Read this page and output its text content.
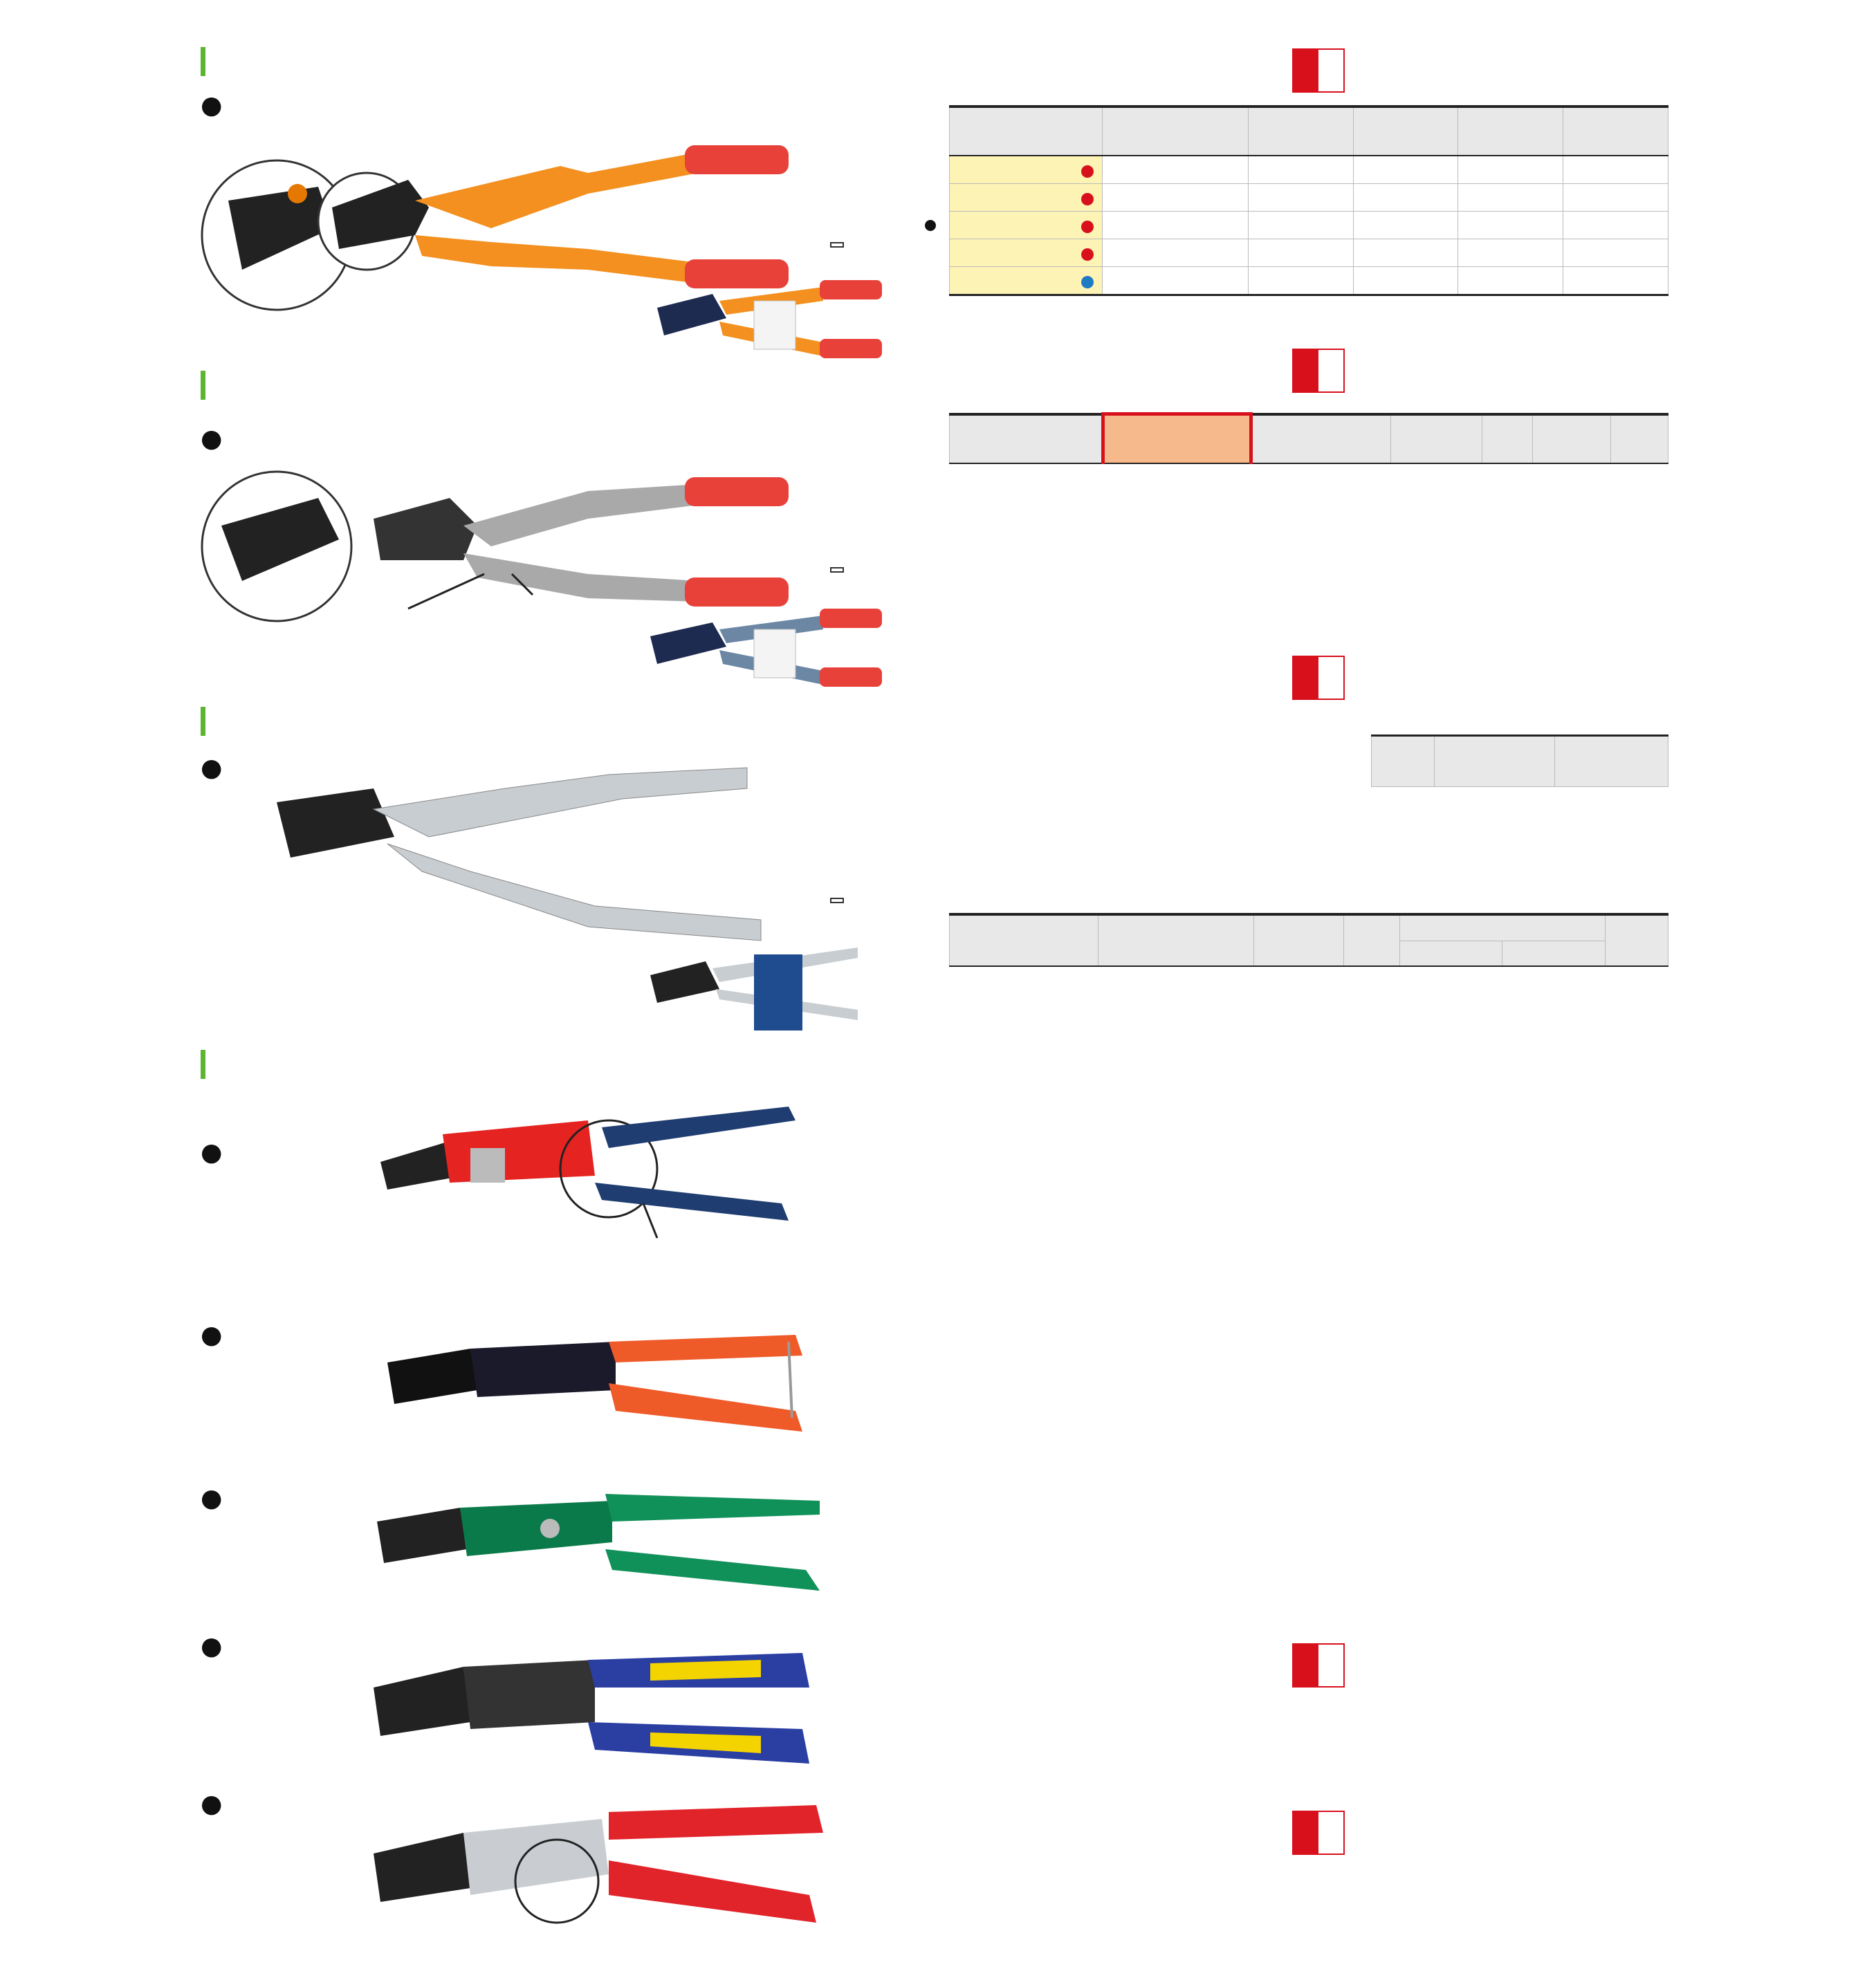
●
●
●
●
●
●
●
●
